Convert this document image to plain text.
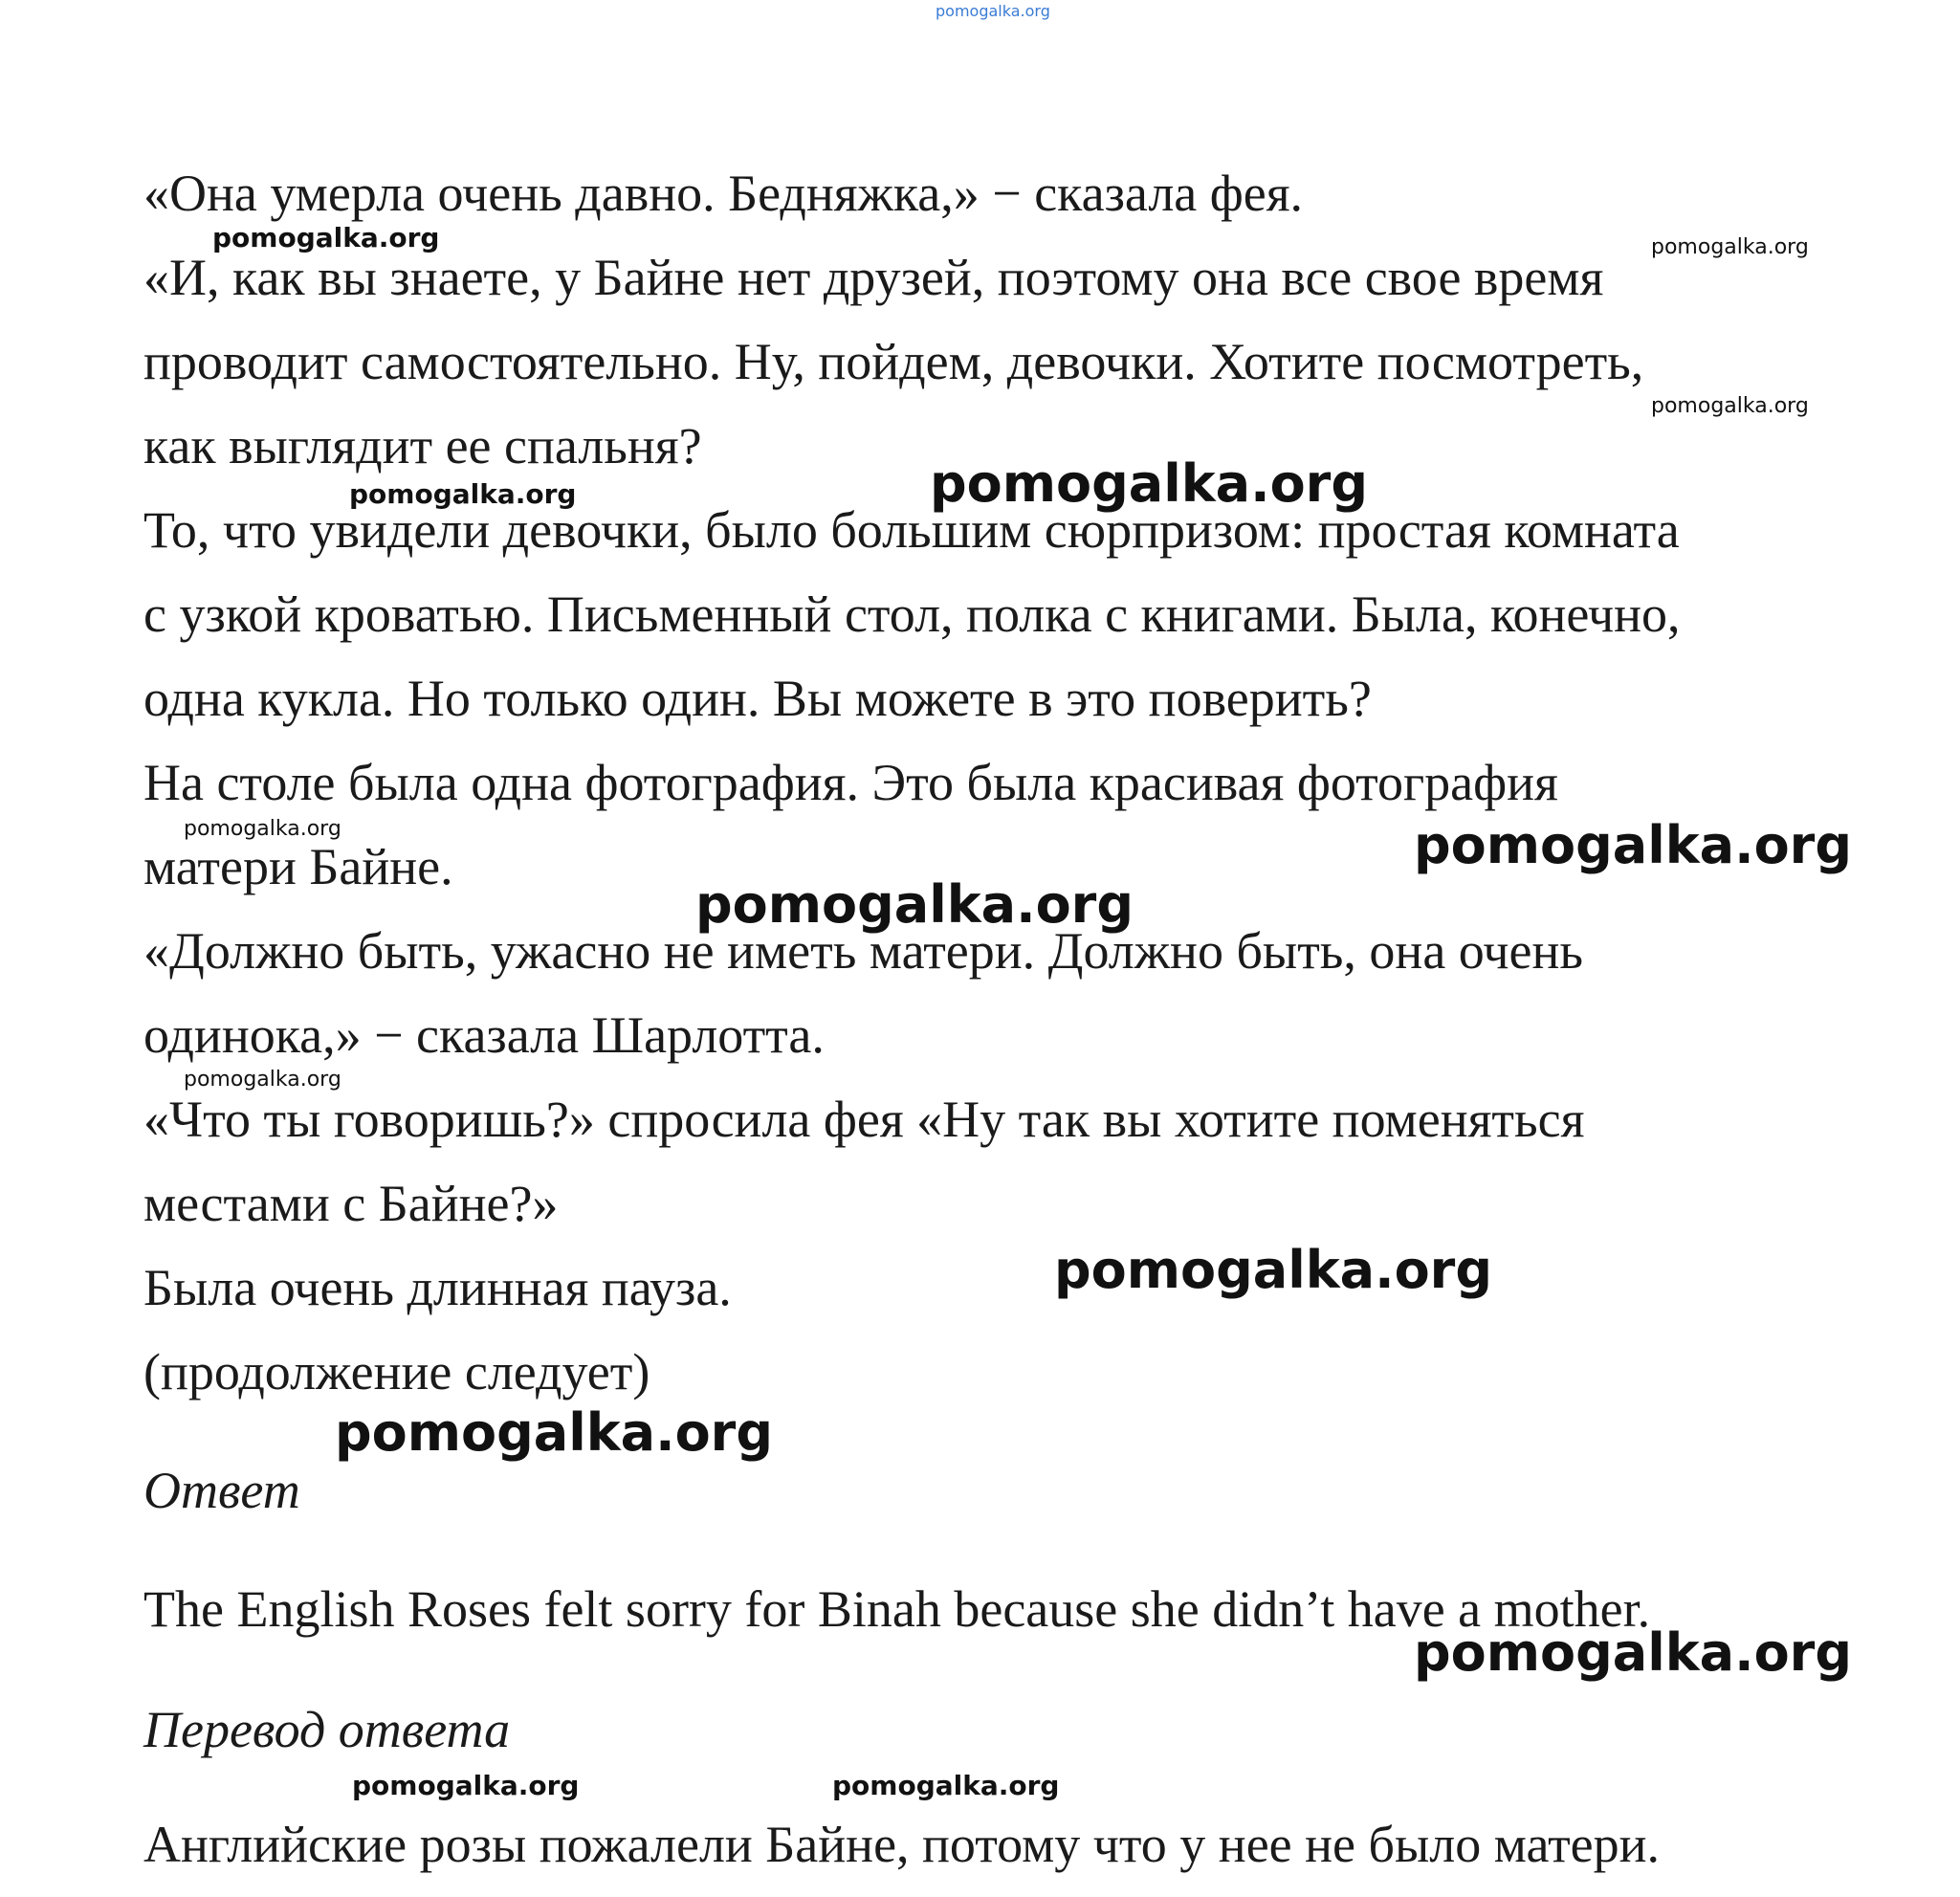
pomogalka.org
pomogalka.org	pomogalka.org
pomogalka.org
pomogalka.org	pomogalka.org
pomogalka.org	pomogalka.org
pomogalka.org
pomogalka.org
pomogalka.org
pomogalka.org
pomogalka.org
pomogalka.org	pomogalka.org
«Она умерла очень давно. Бедняжка,» − сказала фея.
«И, как вы знаете, у Байне нет друзей, поэтому она все свое время
проводит самостоятельно. Ну, пойдем, девочки. Хотите посмотреть,
как выглядит ее спальня?
То, что увидели девочки, было большим сюрпризом: простая комната
с узкой кроватью. Письменный стол, полка с книгами. Была, конечно,
одна кукла. Но только один. Вы можете в это поверить?
На столе была одна фотография. Это была красивая фотография
матери Байне.
«Должно быть, ужасно не иметь матери. Должно быть, она очень
одинока,» − сказала Шарлотта.
«Что ты говоришь?» спросила фея «Ну так вы хотите поменяться
местами с Байне?»
Была очень длинная пауза.
(продолжение следует)
Ответ
The English Roses felt sorry for Binah because she didn’t have a mother.
Перевод ответа
Английские розы пожалели Байне, потому что у нее не было матери.
